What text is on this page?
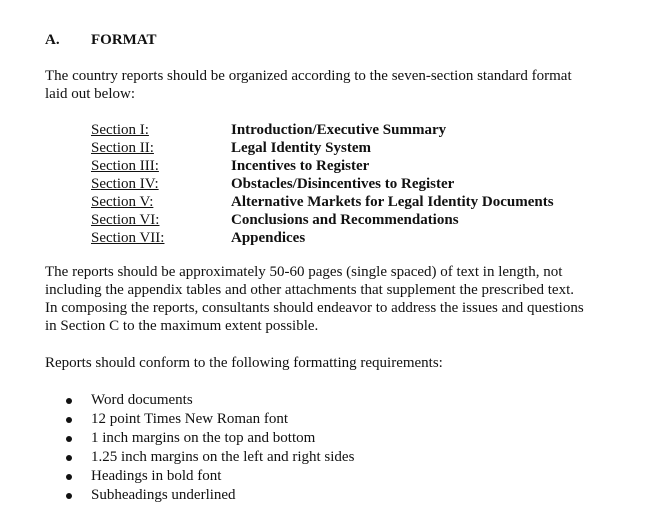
A.	FORMAT
The country reports should be organized according to the seven-section standard format
laid out below:
Section I:	Introduction/Executive Summary
Section II:	Legal Identity System
Section III:	Incentives to Register
Section IV:	Obstacles/Disincentives to Register
Section V:	Alternative Markets for Legal Identity Documents
Section VI:	Conclusions and Recommendations
Section VII:	Appendices
The reports should be approximately 50-60 pages (single spaced) of text in length, not
including the appendix tables and other attachments that supplement the prescribed text.
In composing the reports, consultants should endeavor to address the issues and questions
in Section C to the maximum extent possible.
Reports should conform to the following formatting requirements:
Word documents
12 point Times New Roman font
1 inch margins on the top and bottom
1.25 inch margins on the left and right sides
Headings in bold font
Subheadings underlined
